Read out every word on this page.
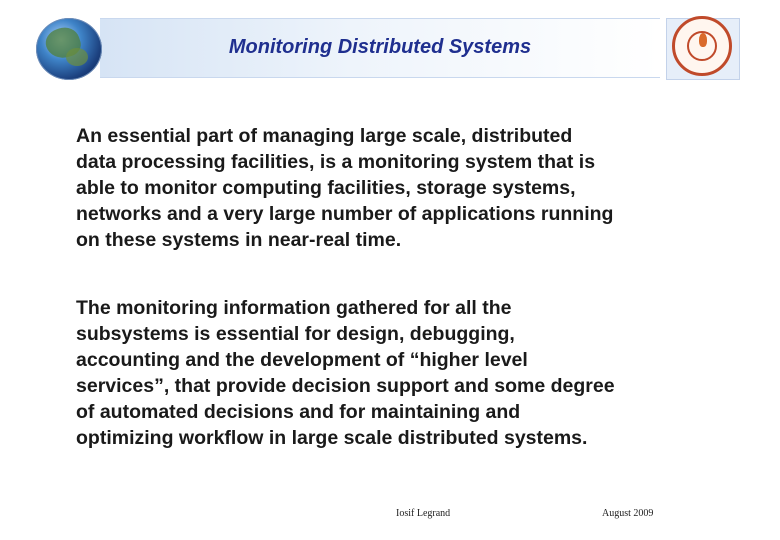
Monitoring Distributed Systems
An essential part of managing large scale, distributed
data processing facilities, is a monitoring system that is
able to monitor computing facilities, storage systems,
networks and a very large number of applications running
on these systems in near-real time.
The monitoring information gathered for all the
subsystems is essential for design, debugging,
accounting and the development of “higher level
services”, that provide decision support and some degree
of automated decisions and for maintaining and
optimizing workflow in large scale distributed systems.
Iosif Legrand	August 2009
